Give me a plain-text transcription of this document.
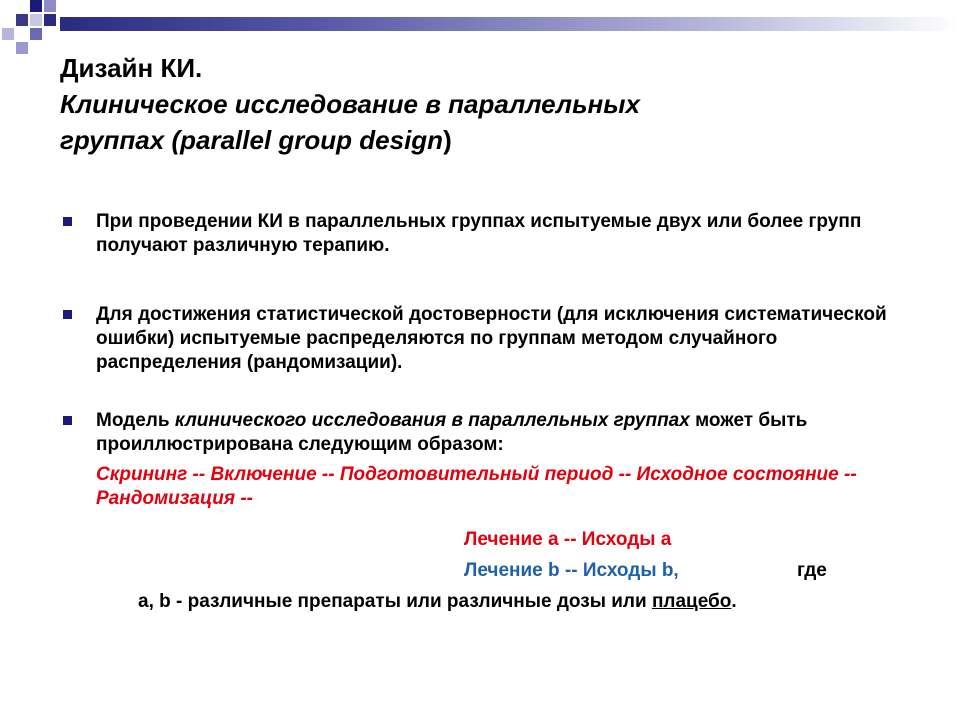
Дизайн КИ.
Клиническое исследование в параллельных
группах (parallel group design)
При проведении КИ в параллельных группах испытуемые двух или более групп получают различную терапию.
Для достижения статистической достоверности (для исключения систематической ошибки) испытуемые распределяются по группам методом случайного распределения (рандомизации).
Модель клинического исследования в параллельных группах может быть проиллюстрирована следующим образом:
Скрининг -- Включение -- Подготовительный период -- Исходное состояние -- Рандомизация --
Лечение а -- Исходы а
Лечение b -- Исходы b,	где
a, b - различные препараты или различные дозы или плацебо.
